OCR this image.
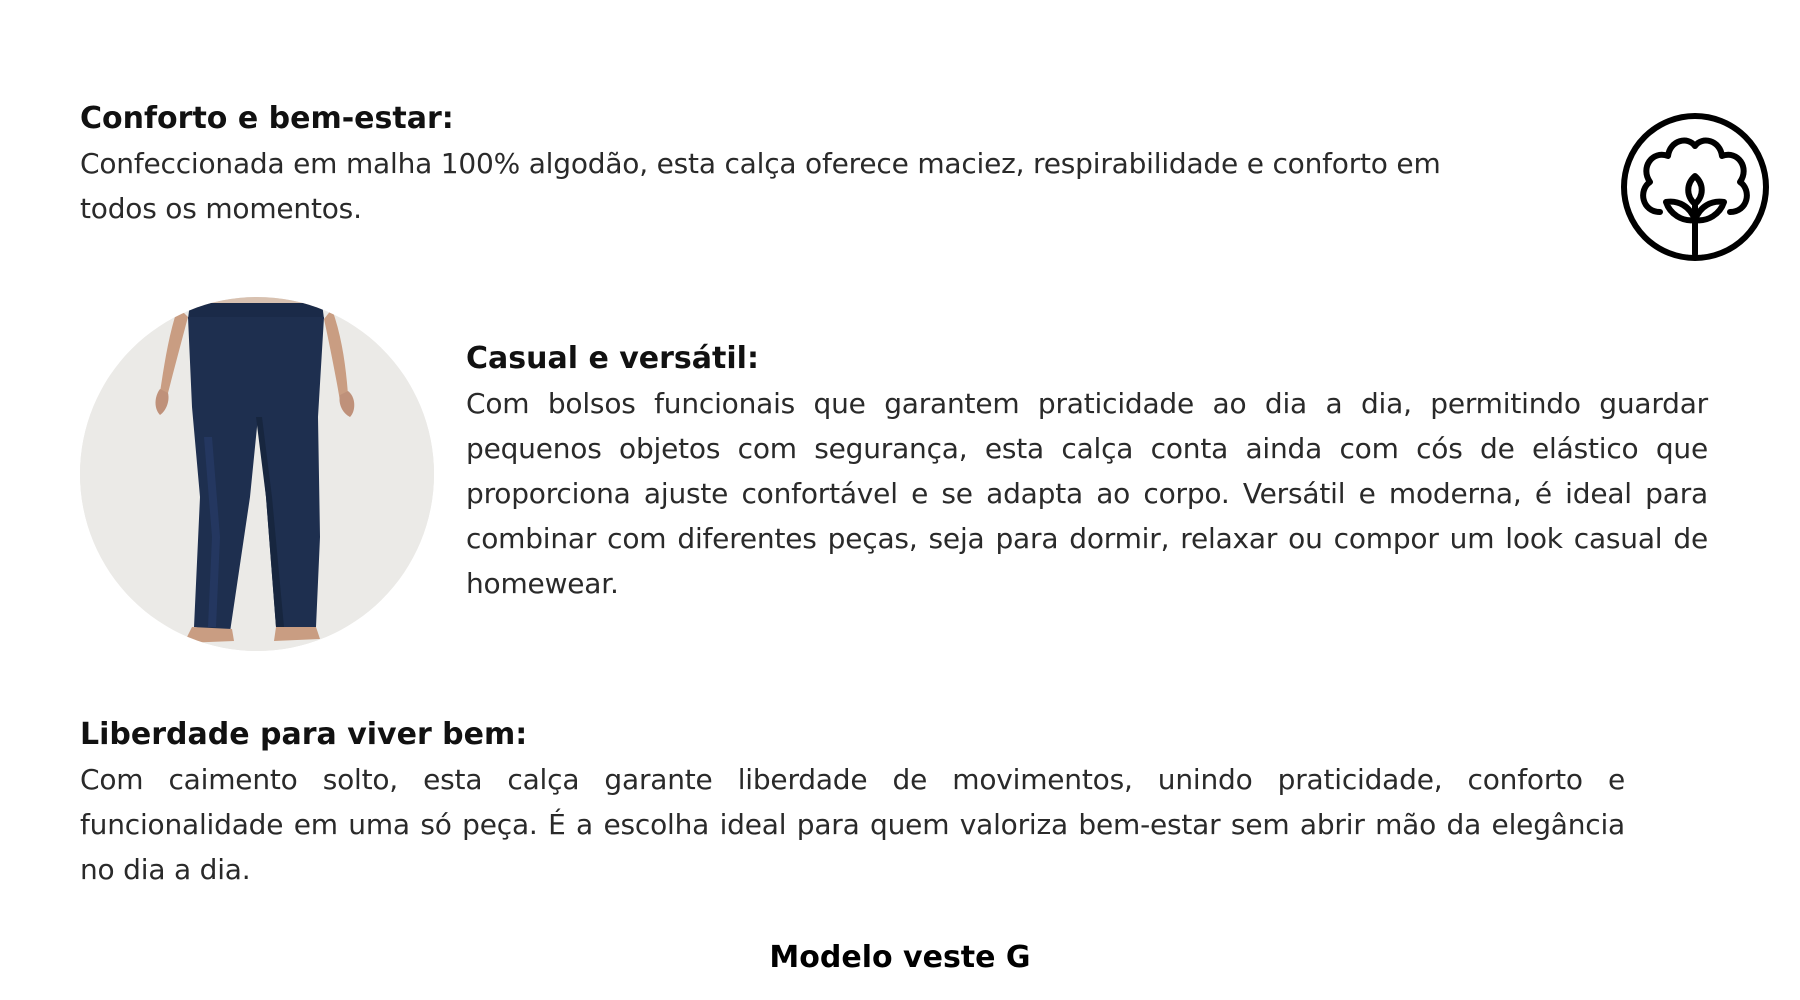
Conforto e bem-estar:

Confeccionada em malha 100% algodão, esta calça oferece maciez, respirabilidade e conforto em todos os momentos.

Casual e versátil:

Com bolsos funcionais que garantem praticidade ao dia a dia, permitindo guardar pequenos objetos com segurança, esta calça conta ainda com cós de elástico que proporciona ajuste confortável e se adapta ao corpo. Versátil e moderna, é ideal para combinar com diferentes peças, seja para dormir, relaxar ou compor um look casual de homewear.

Liberdade para viver bem:

Com caimento solto, esta calça garante liberdade de movimentos, unindo praticidade, conforto e funcionalidade em uma só peça. É a escolha ideal para quem valoriza bem-estar sem abrir mão da elegância no dia a dia.

Modelo veste G
